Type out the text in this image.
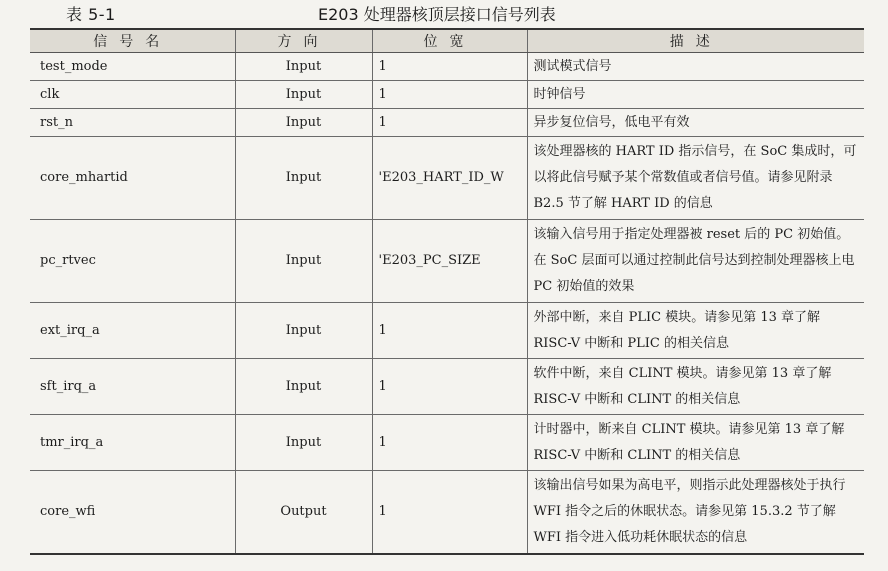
表 5-1	E203 处理器核顶层接口信号列表
信号名	方向	位宽	描述
test_mode	Input	1	测试模式信号
clk	Input	1	时钟信号
rst_n	Input	1	异步复位信号，低电平有效
core_mhartid	Input	'E203_HART_ID_W	该处理器核的 HART ID 指示信号，在 SoC 集成时，可以将此信号赋予某个常数值或者信号值。请参见附录 B2.5 节了解 HART ID 的信息
pc_rtvec	Input	'E203_PC_SIZE	该输入信号用于指定处理器被 reset 后的 PC 初始值。在 SoC 层面可以通过控制此信号达到控制处理器核上电 PC 初始值的效果
ext_irq_a	Input	1	外部中断，来自 PLIC 模块。请参见第 13 章了解 RISC-V 中断和 PLIC 的相关信息
sft_irq_a	Input	1	软件中断，来自 CLINT 模块。请参见第 13 章了解 RISC-V 中断和 CLINT 的相关信息
tmr_irq_a	Input	1	计时器中，断来自 CLINT 模块。请参见第 13 章了解 RISC-V 中断和 CLINT 的相关信息
core_wfi	Output	1	该输出信号如果为高电平，则指示此处理器核处于执行 WFI 指令之后的休眠状态。请参见第 15.3.2 节了解 WFI 指令进入低功耗休眠状态的信息
